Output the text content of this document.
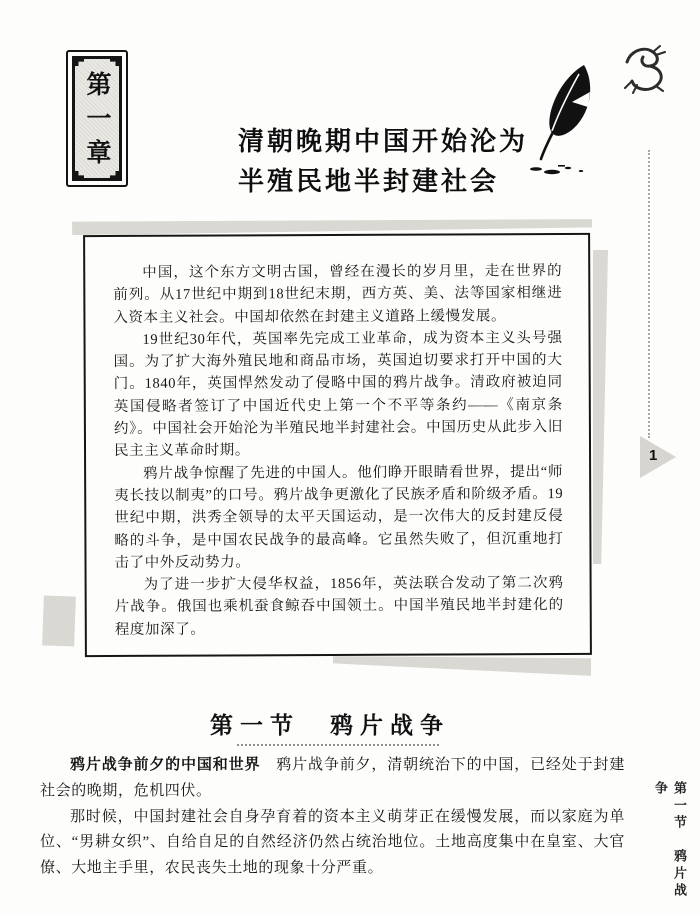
第一章	清朝晚期中国开始沦为
半殖民地半封建社会
1

中国，这个东方文明古国，曾经在漫长的岁月里，走在世界的前列。从17世纪中期到18世纪末期，西方英、美、法等国家相继进入资本主义社会。中国却依然在封建主义道路上缓慢发展。

19世纪30年代，英国率先完成工业革命，成为资本主义头号强国。为了扩大海外殖民地和商品市场，英国迫切要求打开中国的大门。1840年，英国悍然发动了侵略中国的鸦片战争。清政府被迫同英国侵略者签订了中国近代史上第一个不平等条约——《南京条约》。中国社会开始沦为半殖民地半封建社会。中国历史从此步入旧民主主义革命时期。

鸦片战争惊醒了先进的中国人。他们睁开眼睛看世界，提出“师夷长技以制夷”的口号。鸦片战争更激化了民族矛盾和阶级矛盾。19世纪中期，洪秀全领导的太平天国运动，是一次伟大的反封建反侵略的斗争，是中国农民战争的最高峰。它虽然失败了，但沉重地打击了中外反动势力。

为了进一步扩大侵华权益，1856年，英法联合发动了第二次鸦片战争。俄国也乘机蚕食鲸吞中国领土。中国半殖民地半封建化的程度加深了。

第一节　鸦片战争

鸦片战争前夕的中国和世界　鸦片战争前夕，清朝统治下的中国，已经处于封建社会的晚期，危机四伏。

那时候，中国封建社会自身孕育着的资本主义萌芽正在缓慢发展，而以家庭为单位、“男耕女织”、自给自足的自然经济仍然占统治地位。土地高度集中在皇室、大官僚、大地主手里，农民丧失土地的现象十分严重。	第一节　鸦片战争
